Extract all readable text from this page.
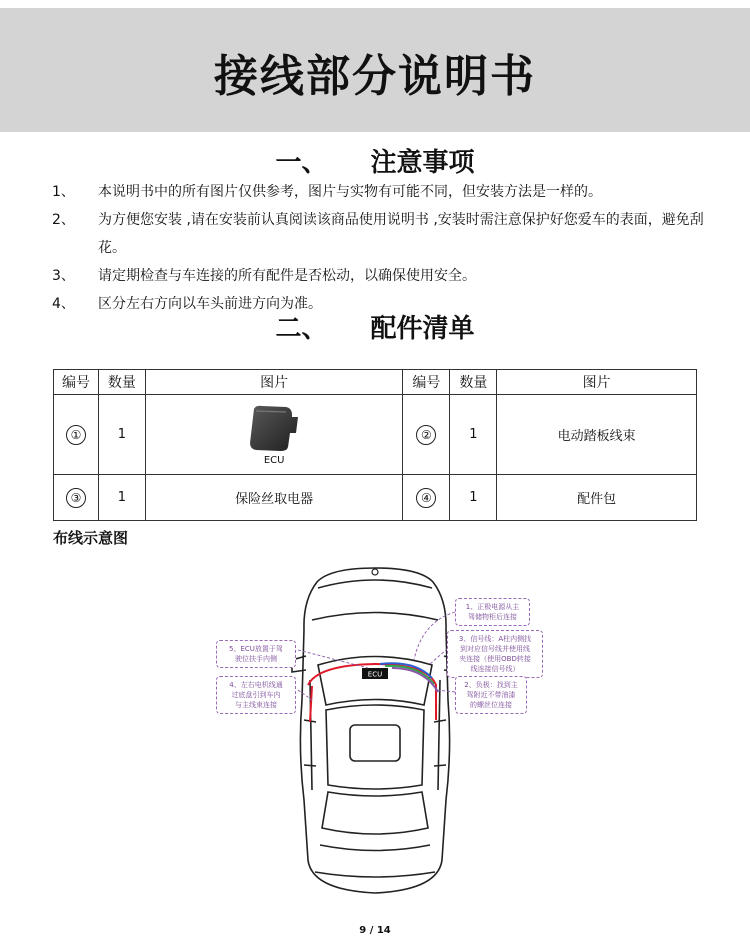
接线部分说明书
一、 注意事项
1、	本说明书中的所有图片仅供参考，图片与实物有可能不同，但安装方法是一样的。
2、	为方便您安装 ,请在安装前认真阅读该商品使用说明书 ,安装时需注意保护好您爱车的表面，避免刮花。
3、	请定期检查与车连接的所有配件是否松动，以确保使用安全。
4、	区分左右方向以车头前进方向为准。
二、 配件清单
编号	数量	图片	编号	数量	图片
①	1	ECU	②	1	电动踏板线束
③	1	保险丝取电器	④	1	配件包
布线示意图
ECU
1、正极电源从主
驾储物柜后连接
3、信号线：A柱内侧找
到对应信号线并使用线
夹连接（使用OBD转接
线连接信号线）
2、负极：找到主
驾附近不带油漆
的螺丝位连接
5、ECU放置于驾
驶位扶手内侧
4、左右电机线通
过底盘引到车内
与主线束连接
9 / 14
